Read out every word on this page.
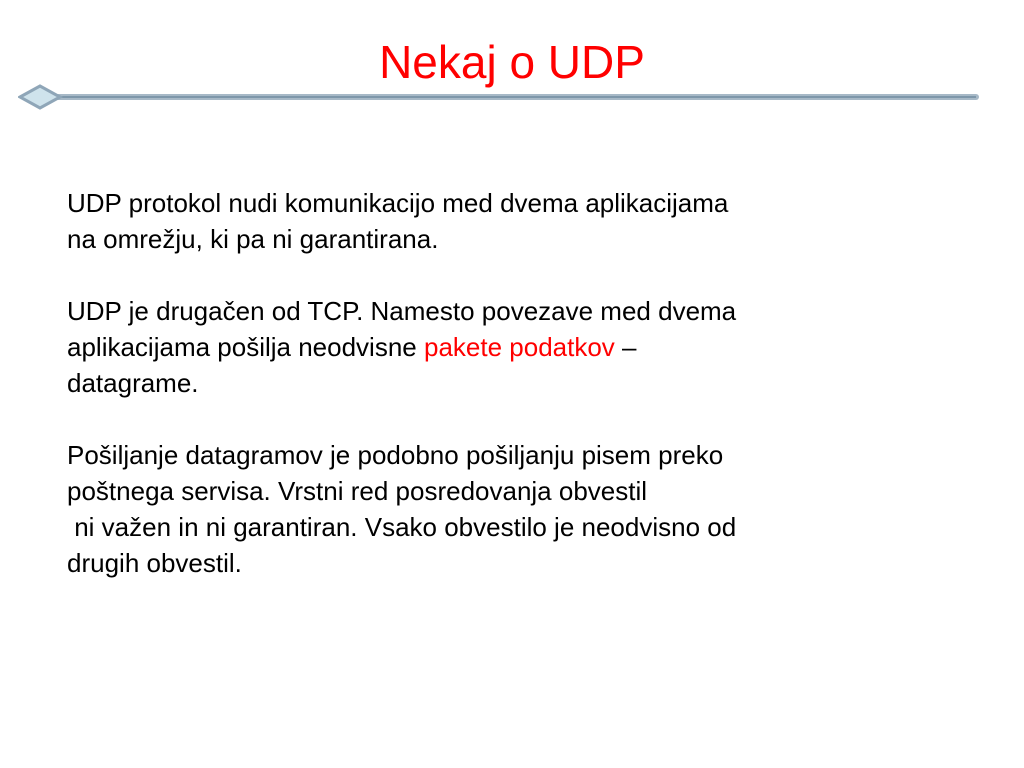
Nekaj o UDP
UDP protokol nudi komunikacijo med dvema aplikacijama
na omrežju, ki pa ni garantirana.
UDP je drugačen od TCP. Namesto povezave med dvema
aplikacijama pošilja neodvisne pakete podatkov –
datagrame.
Pošiljanje datagramov je podobno pošiljanju pisem preko
poštnega servisa. Vrstni red posredovanja obvestil
ni važen in ni garantiran. Vsako obvestilo je neodvisno od
drugih obvestil.
